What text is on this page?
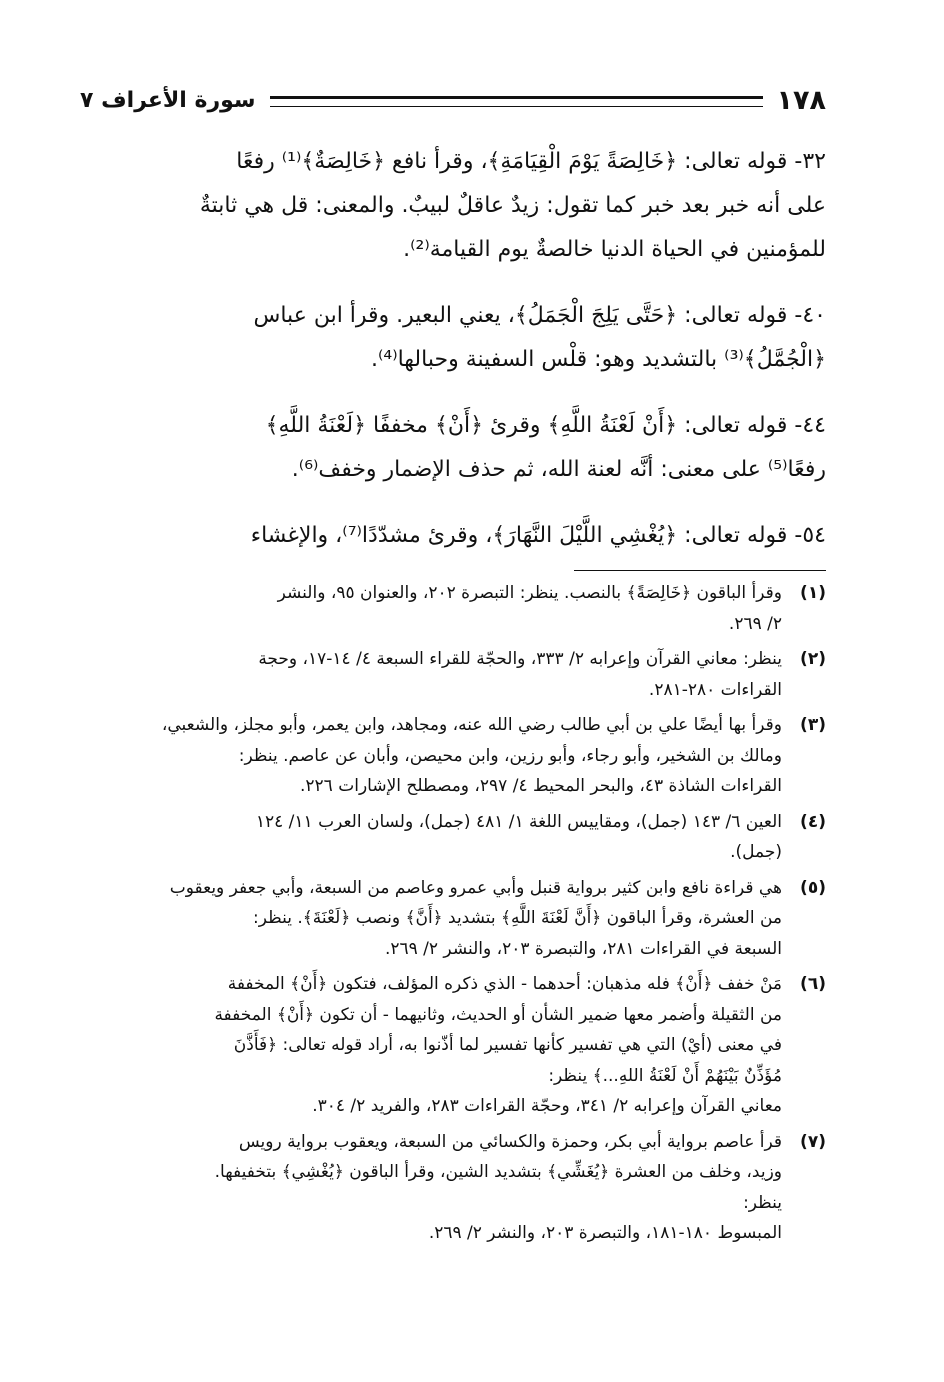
١٧٨
سورة الأعراف ٧
٣٢- قوله تعالى: ﴿خَالِصَةً يَوْمَ الْقِيَامَةِ﴾، وقرأ نافع ﴿خَالِصَةٌ﴾⁽¹⁾ رفعًا
على أنه خبر بعد خبر كما تقول: زيدٌ عاقلٌ لبيبٌ. والمعنى: قل هي ثابتةٌ
للمؤمنين في الحياة الدنيا خالصةٌ يوم القيامة⁽²⁾.
٤٠- قوله تعالى: ﴿حَتَّى يَلِجَ الْجَمَلُ﴾، يعني البعير. وقرأ ابن عباس
﴿الْجُمَّلُ﴾⁽³⁾ بالتشديد وهو: قلْس السفينة وحبالها⁽⁴⁾.
٤٤- قوله تعالى: ﴿أَنْ لَعْنَةُ اللَّهِ﴾ وقرئ ﴿أَنْ﴾ مخففًا ﴿لَعْنَةُ اللَّهِ﴾
رفعًا⁽⁵⁾ على معنى: أنَّه لعنة الله، ثم حذف الإضمار وخفف⁽⁶⁾.
٥٤- قوله تعالى: ﴿يُغْشِي اللَّيْلَ النَّهَارَ﴾، وقرئ مشدّدًا⁽⁷⁾، والإغشاء
(١)
وقرأ الباقون ﴿خَالِصَةً﴾ بالنصب. ينظر: التبصرة ٢٠٢، والعنوان ٩٥، والنشر
٢/ ٢٦٩.
(٢)
ينظر: معاني القرآن وإعرابه ٢/ ٣٣٣، والحجّة للقراء السبعة ٤/ ١٤-١٧، وحجة
القراءات ٢٨٠-٢٨١.
(٣)
وقرأ بها أيضًا علي بن أبي طالب رضي الله عنه، ومجاهد، وابن يعمر، وأبو مجلز، والشعبي،
ومالك بن الشخير، وأبو رجاء، وأبو رزين، وابن محيصن، وأبان عن عاصم. ينظر:
القراءات الشاذة ٤٣، والبحر المحيط ٤/ ٢٩٧، ومصطلح الإشارات ٢٢٦.
(٤)
العين ٦/ ١٤٣ (جمل)، ومقاييس اللغة ١/ ٤٨١ (جمل)، ولسان العرب ١١/ ١٢٤
(جمل).
(٥)
هي قراءة نافع وابن كثير برواية قنبل وأبي عمرو وعاصم من السبعة، وأبي جعفر ويعقوب
من العشرة، وقرأ الباقون ﴿أَنَّ لَعْنَةَ اللَّهِ﴾ بتشديد ﴿أَنَّ﴾ ونصب ﴿لَعْنَةَ﴾. ينظر:
السبعة في القراءات ٢٨١، والتبصرة ٢٠٣، والنشر ٢/ ٢٦٩.
(٦)
مَنْ خفف ﴿أَنْ﴾ فله مذهبان: أحدهما - الذي ذكره المؤلف، فتكون ﴿أَنْ﴾ المخففة
من الثقيلة وأضمر معها ضمير الشأن أو الحديث، وثانيهما - أن تكون ﴿أَنْ﴾ المخففة
في معنى (أيْ) التي هي تفسير كأنها تفسير لما أذّنوا به، أراد قوله تعالى: ﴿فَأَذَّنَ
مُؤَذِّنٌ بَيْنَهُمْ أَنْ لَعْنَةُ اللهِ...﴾ ينظر:
معاني القرآن وإعرابه ٢/ ٣٤١، وحجّة القراءات ٢٨٣، والفريد ٢/ ٣٠٤.
(٧)
قرأ عاصم برواية أبي بكر، وحمزة والكسائي من السبعة، ويعقوب برواية رويس
وزيد، وخلف من العشرة ﴿يُغَشِّي﴾ بتشديد الشين، وقرأ الباقون ﴿يُغْشِي﴾ بتخفيفها.
ينظر:
المبسوط ١٨٠-١٨١، والتبصرة ٢٠٣، والنشر ٢/ ٢٦٩.
